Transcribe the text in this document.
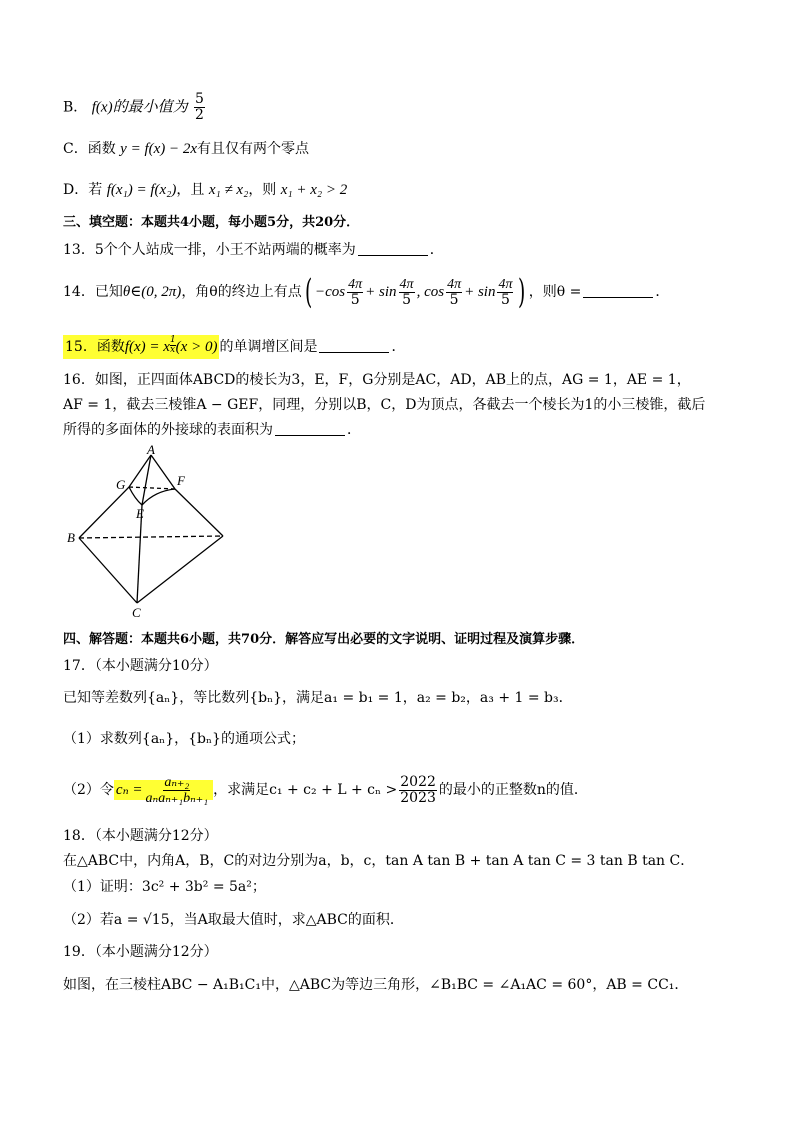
B． f(x)的最小值为 $\frac{5}{2}$
C．函数 y = f(x) − 2x有且仅有两个零点
D．若 f(x₁) = f(x₂)，且 x₁ ≠ x₂，则 x₁ + x₂ > 2
三、填空题：本题共4小题，每小题5分，共20分．
13．5个个人站成一排，小王不站两端的概率为	．
14．已知θ∈(0, 2π)，角θ的终边上有点( $-\cos \frac{4\pi}{5} + \sin \frac{4\pi}{5}$ , $\cos \frac{4\pi}{5} + \sin \frac{4\pi}{5}$ ) ，则θ =	．
15．函数f(x) = x $\frac{1}{x} (x > 0)$ 的单调增区间是	．
16．如图，正四面体ABCD的棱长为3，E，F，G分别是AC，AD，AB上的点，AG = 1，AE = 1，
AF = 1，截去三棱锥A − GEF，同理，分别以B，C，D为顶点，各截去一个棱长为1的小三棱锥，截后
所得的多面体的外接球的表面积为	．
A
G	F
E
B
C
四、解答题：本题共6小题，共70分．解答应写出必要的文字说明、证明过程及演算步骤．
17．（本小题满分10分）
已知等差数列{aₙ}，等比数列{bₙ}，满足a₁ = b₁ = 1，a₂ = b₂，a₃ + 1 = b₃．
（1）求数列{aₙ}，{bₙ}的通项公式；
（2）令 $c_n = \frac{\text{aₙ₊₂}}{\text{aₙaₙ₊₁bₙ₊₁}}$ ，求满足$c_1 + c_2 + L + c_n > \frac{2022}{2023}$ 的最小的正整数n的值．
18．（本小题满分12分）
在△ABC中，内角A，B，C的对边分别为a，b，c，tan A tan B + tan A tan C = 3 tan B tan C．
（1）证明：3c² + 3b² = 5a²；
（2）若a = √15，当A取最大值时，求△ABC的面积．
19．（本小题满分12分）
如图，在三棱柱ABC − A₁B₁C₁中，△ABC为等边三角形，∠B₁BC = ∠A₁AC = 60°，AB = CC₁．
